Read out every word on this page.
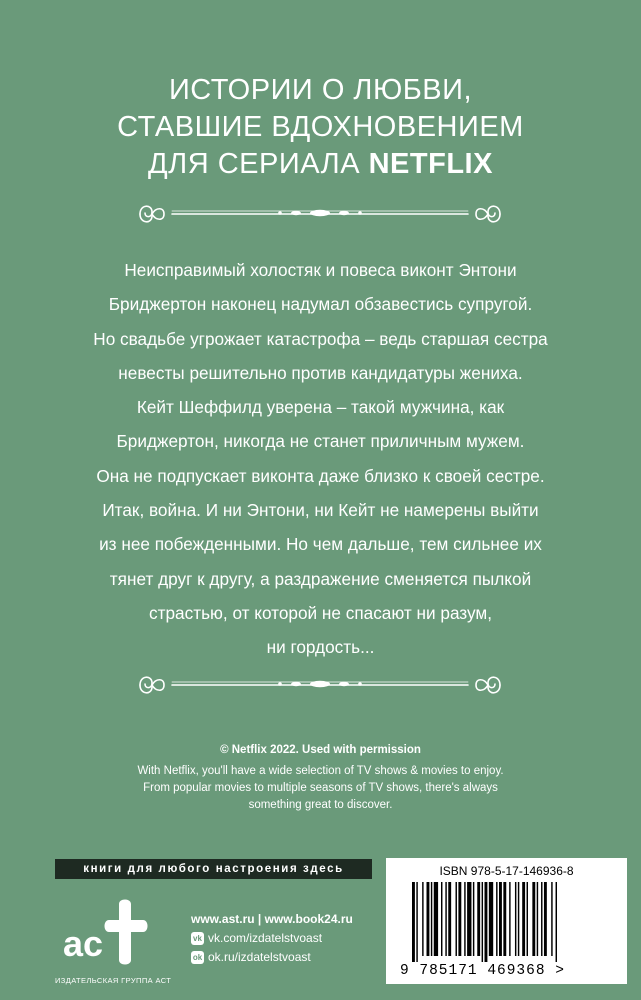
ИСТОРИИ О ЛЮБВИ,
СТАВШИЕ ВДОХНОВЕНИЕМ
ДЛЯ СЕРИАЛА NETFLIX
Неисправимый холостяк и повеса виконт Энтони
Бриджертон наконец надумал обзавестись супругой.
Но свадьбе угрожает катастрофа – ведь старшая сестра
невесты решительно против кандидатуры жениха.
Кейт Шеффилд уверена – такой мужчина, как
Бриджертон, никогда не станет приличным мужем.
Она не подпускает виконта даже близко к своей сестре.
Итак, война. И ни Энтони, ни Кейт не намерены выйти
из нее побежденными. Но чем дальше, тем сильнее их
тянет друг к другу, а раздражение сменяется пылкой
страстью, от которой не спасают ни разум,
ни гордость...
© Netflix 2022. Used with permission
With Netflix, you'll have a wide selection of TV shows & movies to enjoy.
From popular movies to multiple seasons of TV shows, there's always
something great to discover.
книги для любого настроения здесь
ac
ИЗДАТЕЛЬСКАЯ ГРУППА АСТ
www.ast.ru | www.book24.ru
vk vk.com/izdatelstvoast
ok ok.ru/izdatelstvoast
ISBN 978-5-17-146936-8
9 785171 469368 >
